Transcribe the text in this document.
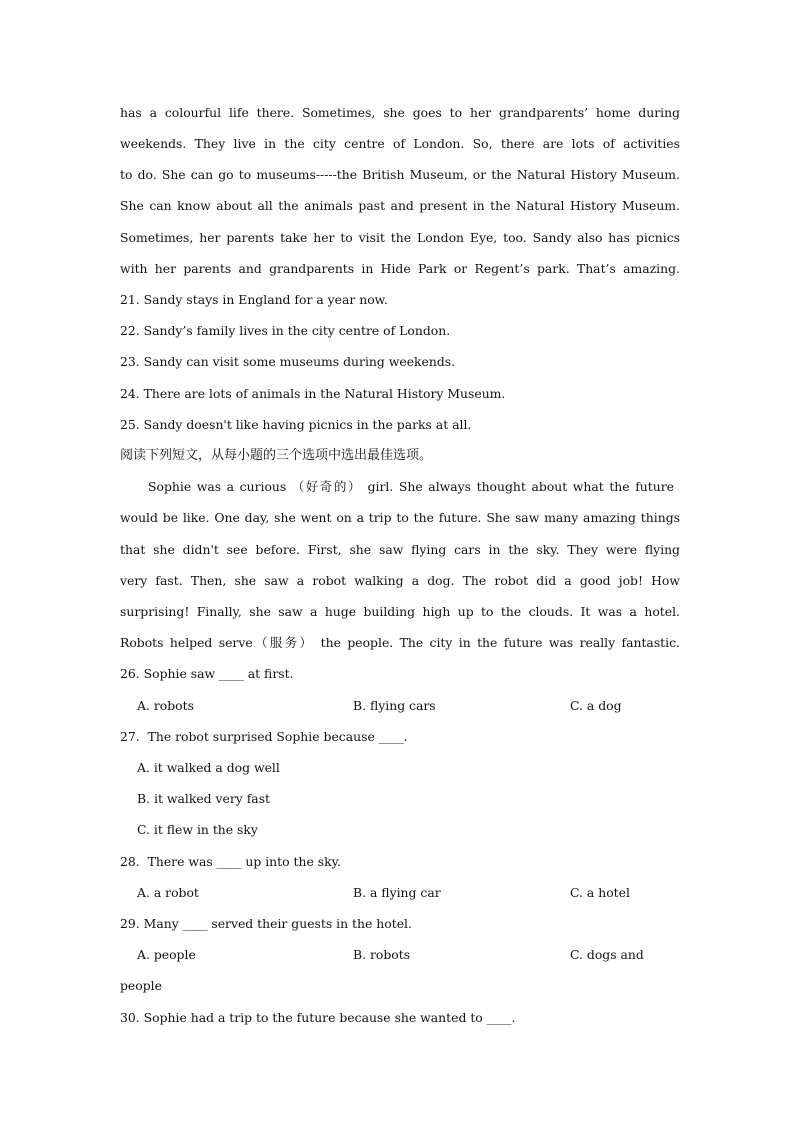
has a colourful life there. Sometimes, she goes to her grandparents’ home during
weekends. They live in the city centre of London. So, there are lots of activities
to do. She can go to museums-----the British Museum, or the Natural History Museum.
She can know about all the animals past and present in the Natural History Museum.
Sometimes, her parents take her to visit the London Eye, too. Sandy also has picnics
with her parents and grandparents in Hide Park or Regent’s park. That’s amazing.
21. Sandy stays in England for a year now.
22. Sandy’s family lives in the city centre of London.
23. Sandy can visit some museums during weekends.
24. There are lots of animals in the Natural History Museum.
25. Sandy doesn't like having picnics in the parks at all.
阅读下列短文，从每小题的三个选项中选出最佳选项。
Sophie was a curious （好奇的） girl. She always thought about what the future
would be like. One day, she went on a trip to the future. She saw many amazing things
that she didn't see before. First, she saw flying cars in the sky. They were flying
very fast. Then, she saw a robot walking a dog. The robot did a good job! How
surprising! Finally, she saw a huge building high up to the clouds. It was a hotel.
Robots helped serve（服务） the people. The city in the future was really fantastic.
26. Sophie saw ____ at first.
A. robots	B. flying cars	C. a dog
27.  The robot surprised Sophie because ____.
A. it walked a dog well
B. it walked very fast
C. it flew in the sky
28.  There was ____ up into the sky.
A. a robot	B. a flying car	C. a hotel
29. Many ____ served their guests in the hotel.
A. people	B. robots	C. dogs and
people
30. Sophie had a trip to the future because she wanted to ____.
